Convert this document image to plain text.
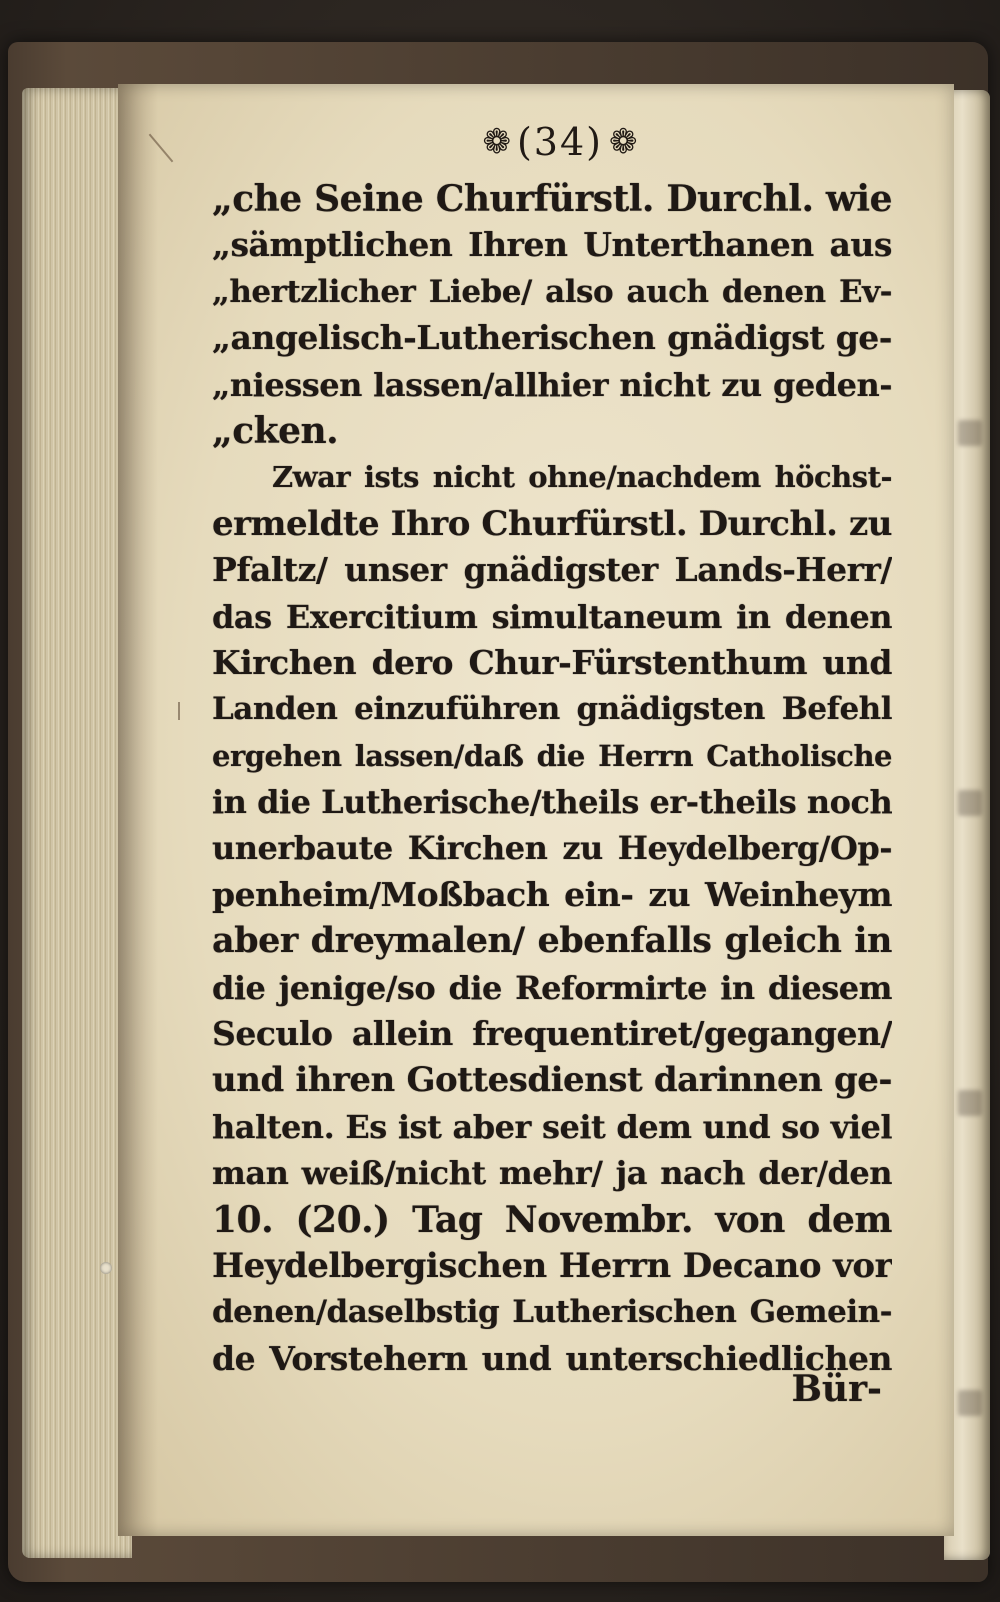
❁ (34) ❁
„che Seine Churfürstl. Durchl. wie
„sämptlichen Ihren Unterthanen aus
„hertzlicher Liebe/ also auch denen Ev-
„angelisch-Lutherischen gnädigst ge-
„niessen lassen/allhier nicht zu geden-
„cken.
Zwar ists nicht ohne/nachdem höchst-
ermeldte Ihro Churfürstl. Durchl. zu
Pfaltz/ unser gnädigster Lands-Herr/
das Exercitium simultaneum in denen
Kirchen dero Chur-Fürstenthum und
Landen einzuführen gnädigsten Befehl
ergehen lassen/daß die Herrn Catholische
in die Lutherische/theils er-theils noch
unerbaute Kirchen zu Heydelberg/Op-
penheim/Moßbach ein- zu Weinheym
aber dreymalen/ ebenfalls gleich in
die jenige/so die Reformirte in diesem
Seculo allein frequentiret/gegangen/
und ihren Gottesdienst darinnen ge-
halten. Es ist aber seit dem und so viel
man weiß/nicht mehr/ ja nach der/den
10. (20.) Tag Novembr. von dem
Heydelbergischen Herrn Decano vor
denen/daselbstig Lutherischen Gemein-
de Vorstehern und unterschiedlichen
Bür-
